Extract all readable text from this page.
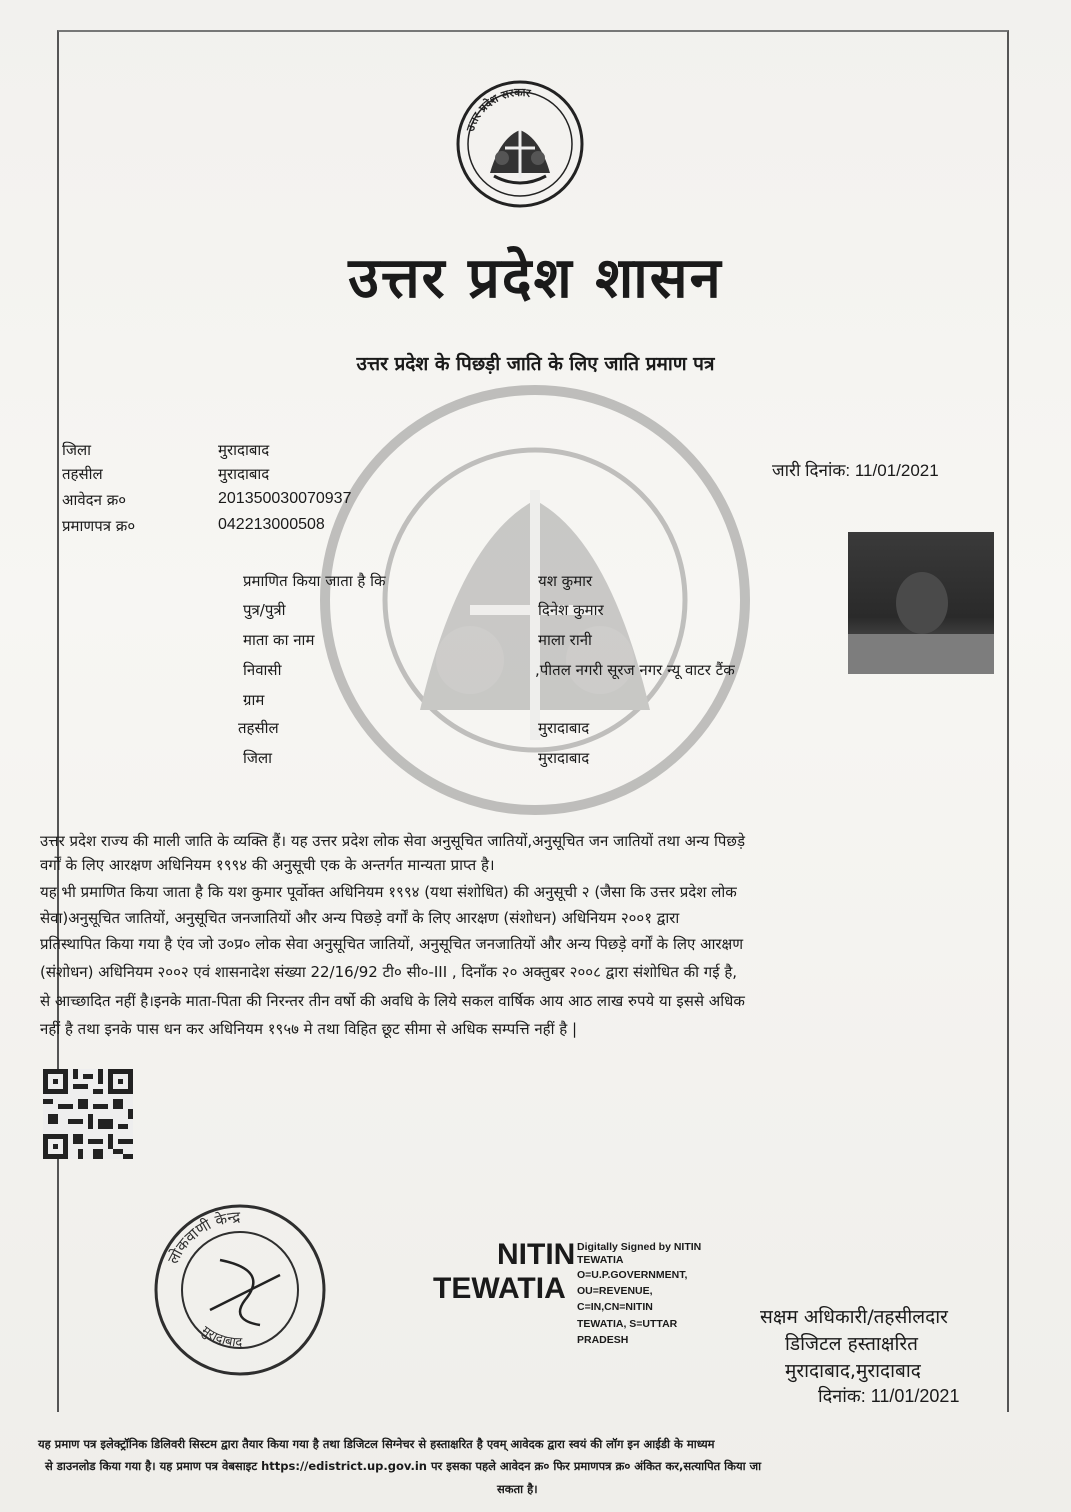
उत्तर प्रदेश सरकार
उत्तर प्रदेश शासन
उत्तर प्रदेश के पिछड़ी जाति के लिए जाति प्रमाण पत्र
जिला	मुरादाबाद
तहसील	मुरादाबाद
आवेदन क्र०	201350030070937
प्रमाणपत्र क्र०	042213000508
जारी दिनांक: 11/01/2021
प्रमाणित किया जाता है कि	यश कुमार
पुत्र/पुत्री	दिनेश कुमार
माता का नाम	माला रानी
निवासी	,पीतल नगरी सूरज नगर न्यू वाटर टैंक
ग्राम
तहसील	मुरादाबाद
जिला	मुरादाबाद
उत्तर प्रदेश राज्य की माली जाति के व्यक्ति हैं। यह उत्तर प्रदेश लोक सेवा अनुसूचित जातियों,अनुसूचित जन जातियों तथा अन्य पिछड़े
वर्गों के लिए आरक्षण अधिनियम १९९४ की अनुसूची एक के अन्तर्गत मान्यता प्राप्त है।
यह भी प्रमाणित किया जाता है कि यश कुमार पूर्वोक्त अधिनियम १९९४ (यथा संशोधित) की अनुसूची २ (जैसा कि उत्तर प्रदेश लोक
सेवा)अनुसूचित जातियों, अनुसूचित जनजातियों और अन्य पिछड़े वर्गों के लिए आरक्षण (संशोधन) अधिनियम २००१ द्वारा
प्रतिस्थापित किया गया है एंव जो उ०प्र० लोक सेवा अनुसूचित जातियों, अनुसूचित जनजातियों और अन्य पिछड़े वर्गों के लिए आरक्षण
(संशोधन) अधिनियम २००२ एवं शासनादेश संख्या 22/16/92 टी० सी०-III , दिनाँक २० अक्तुबर २००८ द्वारा संशोधित की गई है,
से आच्छादित नहीं है।इनके माता-पिता की निरन्तर तीन वर्षो की अवधि के लिये सकल वार्षिक आय आठ लाख रुपये या इससे अधिक
नहीं है तथा इनके पास धन कर अधिनियम १९५७ मे तथा विहित छूट सीमा से अधिक सम्पत्ति नहीं है |
लोकवाणी केन्द्र
मुरादाबाद
NITIN
TEWATIA
Digitally Signed by NITIN
TEWATIA
O=U.P.GOVERNMENT,
OU=REVENUE,
C=IN,CN=NITIN
TEWATIA, S=UTTAR
PRADESH
सक्षम अधिकारी/तहसीलदार
डिजिटल हस्ताक्षरित
मुरादाबाद,मुरादाबाद
दिनांक: 11/01/2021
यह प्रमाण पत्र इलेक्ट्रॉनिक डिलिवरी सिस्टम द्वारा तैयार किया गया है तथा डिजिटल सिग्नेचर से हस्ताक्षरित है एवम् आवेदक द्वारा स्वयं की लॉग इन आईडी के माध्यम
से डाउनलोड किया गया है। यह प्रमाण पत्र वेबसाइट https://edistrict.up.gov.in पर इसका पहले आवेदन क्र० फिर प्रमाणपत्र क्र० अंकित कर,सत्यापित किया जा
सकता है।
